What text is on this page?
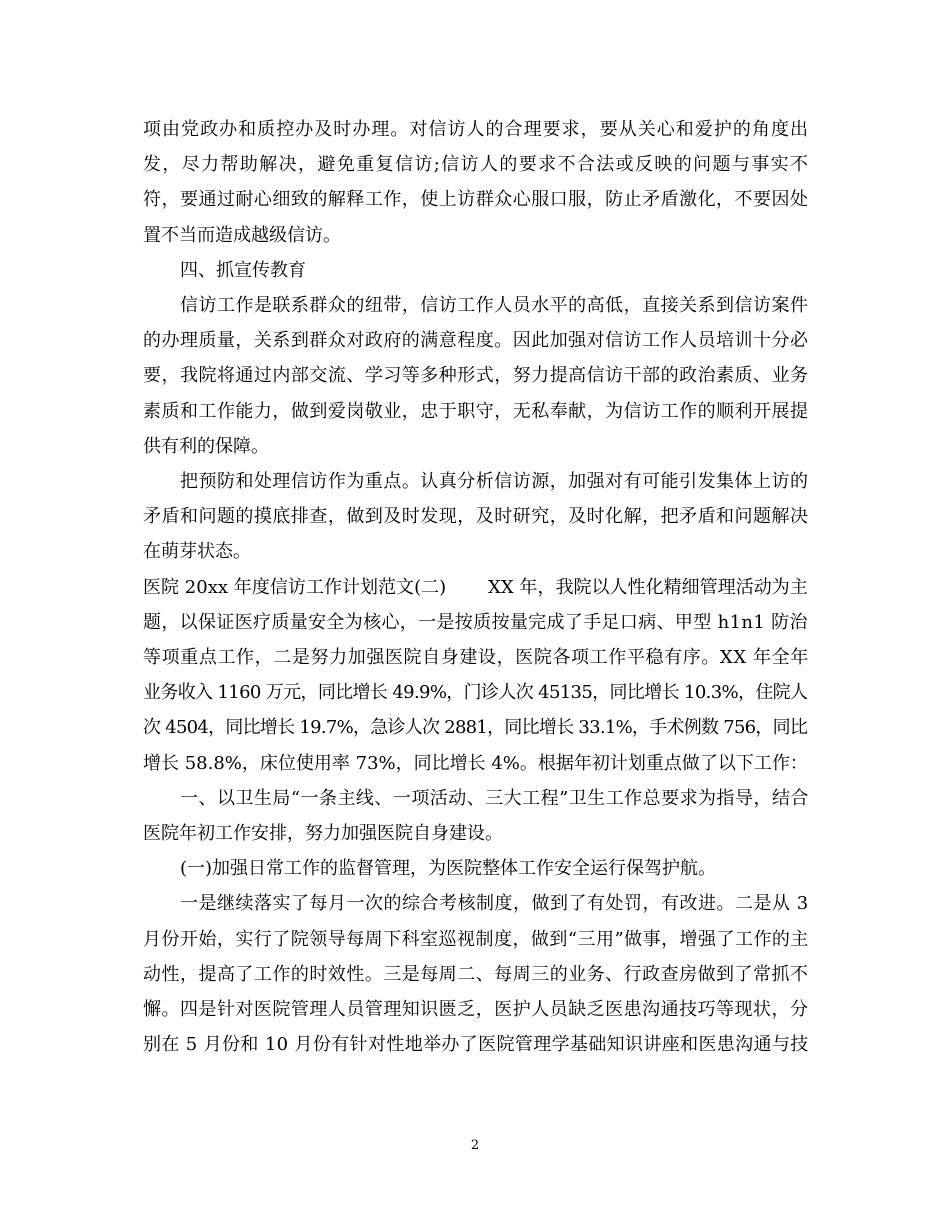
项由党政办和质控办及时办理。对信访人的合理要求，要从关心和爱护的角度出
发，尽力帮助解决，避免重复信访;信访人的要求不合法或反映的问题与事实不
符，要通过耐心细致的解释工作，使上访群众心服口服，防止矛盾激化，不要因处
置不当而造成越级信访。
四、抓宣传教育
信访工作是联系群众的纽带，信访工作人员水平的高低，直接关系到信访案件
的办理质量，关系到群众对政府的满意程度。因此加强对信访工作人员培训十分必
要，我院将通过内部交流、学习等多种形式，努力提高信访干部的政治素质、业务
素质和工作能力，做到爱岗敬业，忠于职守，无私奉献，为信访工作的顺利开展提
供有利的保障。
把预防和处理信访作为重点。认真分析信访源，加强对有可能引发集体上访的
矛盾和问题的摸底排查，做到及时发现，及时研究，及时化解，把矛盾和问题解决
在萌芽状态。
医院 20xx 年度信访工作计划范文(二)　　 XX 年，我院以人性化精细管理活动为主
题，以保证医疗质量安全为核心，一是按质按量完成了手足口病、甲型 h1n1 防治
等项重点工作，二是努力加强医院自身建设，医院各项工作平稳有序。XX 年全年
业务收入 1160 万元，同比增长 49.9%，门诊人次 45135，同比增长 10.3%，住院人
次 4504，同比增长 19.7%，急诊人次 2881，同比增长 33.1%，手术例数 756，同比
增长 58.8%，床位使用率 73%，同比增长 4%。根据年初计划重点做了以下工作：
一、以卫生局“一条主线、一项活动、三大工程”卫生工作总要求为指导，结合
医院年初工作安排，努力加强医院自身建设。
(一)加强日常工作的监督管理，为医院整体工作安全运行保驾护航。
一是继续落实了每月一次的综合考核制度，做到了有处罚，有改进。二是从 3
月份开始，实行了院领导每周下科室巡视制度，做到“三用”做事，增强了工作的主
动性，提高了工作的时效性。三是每周二、每周三的业务、行政查房做到了常抓不
懈。四是针对医院管理人员管理知识匮乏，医护人员缺乏医患沟通技巧等现状，分
别在 5 月份和 10 月份有针对性地举办了医院管理学基础知识讲座和医患沟通与技
2
